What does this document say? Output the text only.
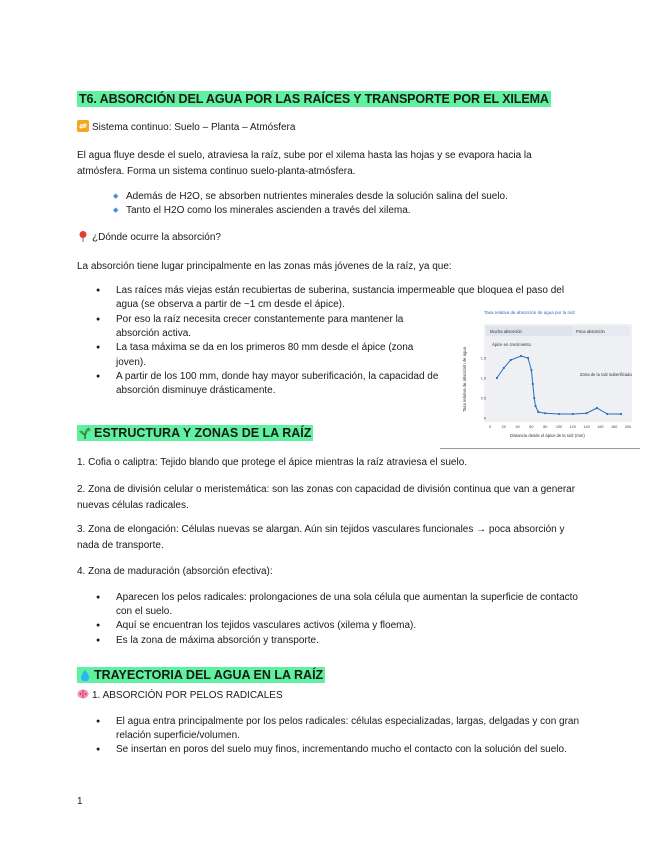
T6. ABSORCIÓN DEL AGUA POR LAS RAÍCES Y TRANSPORTE POR EL XILEMA
Sistema continuo: Suelo – Planta – Atmósfera

El agua fluye desde el suelo, atraviesa la raíz, sube por el xilema hasta las hojas y se evapora hacia la atmósfera. Forma un sistema continuo suelo-planta-atmósfera.

◆ Además de H2O, se absorben nutrientes minerales desde la solución salina del suelo.
◆ Tanto el H2O como los minerales ascienden a través del xilema.
¿Dónde ocurre la absorción?

La absorción tiene lugar principalmente en las zonas más jóvenes de la raíz, ya que:

● Las raíces más viejas están recubiertas de suberina, sustancia impermeable que bloquea el paso del agua (se observa a partir de ~1 cm desde el ápice).
● Por eso la raíz necesita crecer constantemente para mantener la absorción activa.
● La tasa máxima se da en los primeros 80 mm desde el ápice (zona joven).
● A partir de los 100 mm, donde hay mayor suberificación, la capacidad de absorción disminuye drásticamente.
Tasa relativa de absorción de agua por la raíz
Mucha absorción	Poca absorción
Ápice en crecimiento
Zona de la raíz suberificada
Distancia desde el ápice de la raíz (mm)
Tasa relativa de absorción de agua
0	20	40	60	80 100 120 140 160 180 200
0
0.5
1.0
1.5
ESTRUCTURA Y ZONAS DE LA RAÍZ

1. Cofia o caliptra: Tejido blando que protege el ápice mientras la raíz atraviesa el suelo.

2. Zona de división celular o meristemática: son las zonas con capacidad de división continua que van a generar nuevas células radicales.

3. Zona de elongación: Células nuevas se alargan. Aún sin tejidos vasculares funcionales → poca absorción y nada de transporte.

4. Zona de maduración (absorción efectiva):

● Aparecen los pelos radicales: prolongaciones de una sola célula que aumentan la superficie de contacto con el suelo.
● Aquí se encuentran los tejidos vasculares activos (xilema y floema).
● Es la zona de máxima absorción y transporte.
TRAYECTORIA DEL AGUA EN LA RAÍZ
1. ABSORCIÓN POR PELOS RADICALES
● El agua entra principalmente por los pelos radicales: células especializadas, largas, delgadas y con gran relación superficie/volumen.
● Se insertan en poros del suelo muy finos, incrementando mucho el contacto con la solución del suelo.
1
